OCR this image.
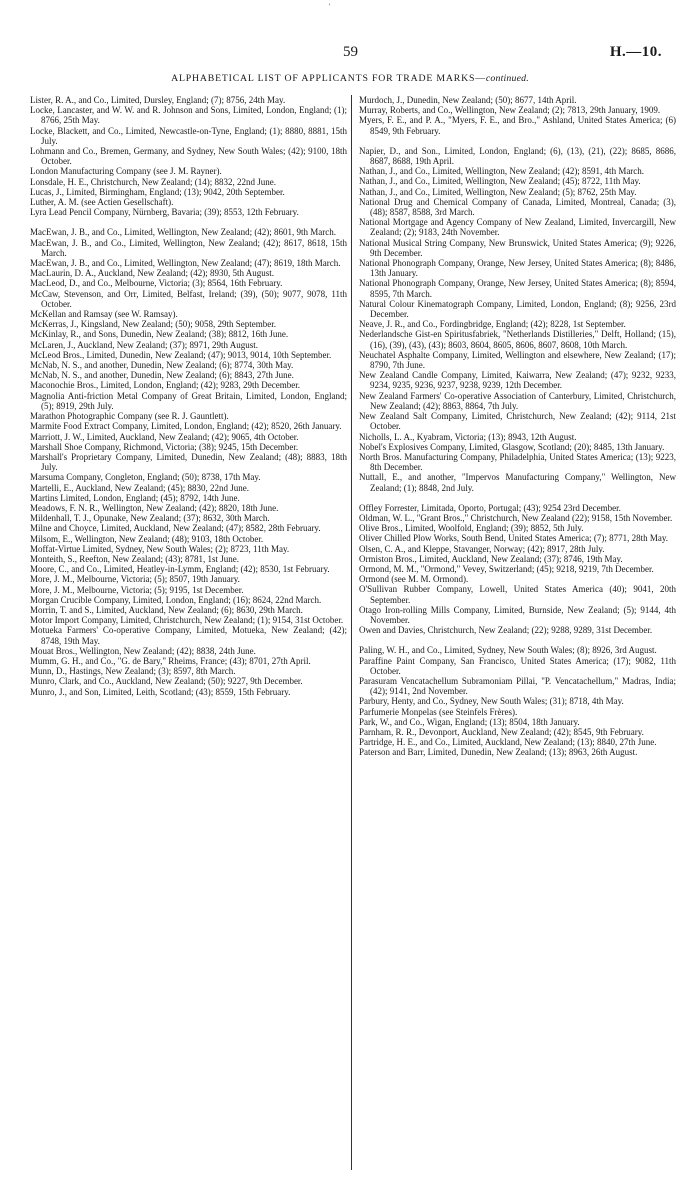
'
59	H.—10.
ALPHABETICAL LIST OF APPLICANTS FOR TRADE MARKS—continued.

Lister, R. A., and Co., Limited, Dursley, England; (7); 8756, 24th May.

Locke, Lancaster, and W. W. and R. Johnson and Sons, Limited, London, England; (1); 8766, 25th May.

Locke, Blackett, and Co., Limited, Newcastle-on-Tyne, England; (1); 8880, 8881, 15th July.

Lohmann and Co., Bremen, Germany, and Sydney, New South Wales; (42); 9100, 18th October.

London Manufacturing Company (see J. M. Rayner).

Lonsdale, H. E., Christchurch, New Zealand; (14); 8832, 22nd June.

Lucas, J., Limited, Birmingham, England; (13); 9042, 20th September.

Luther, A. M. (see Actien Gesellschaft).

Lyra Lead Pencil Company, Nürnberg, Bavaria; (39); 8553, 12th February.

MacEwan, J. B., and Co., Limited, Wellington, New Zealand; (42); 8601, 9th March.

MacEwan, J. B., and Co., Limited, Wellington, New Zealand; (42); 8617, 8618, 15th March.

MacEwan, J. B., and Co., Limited, Wellington, New Zealand; (47); 8619, 18th March.

MacLaurin, D. A., Auckland, New Zealand; (42); 8930, 5th August.

MacLeod, D., and Co., Melbourne, Victoria; (3); 8564, 16th February.

McCaw, Stevenson, and Orr, Limited, Belfast, Ireland; (39), (50); 9077, 9078, 11th October.

McKellan and Ramsay (see W. Ramsay).

McKerras, J., Kingsland, New Zealand; (50); 9058, 29th September.

McKinlay, R., and Sons, Dunedin, New Zealand; (38); 8812, 16th June.

McLaren, J., Auckland, New Zealand; (37); 8971, 29th August.

McLeod Bros., Limited, Dunedin, New Zealand; (47); 9013, 9014, 10th September.

McNab, N. S., and another, Dunedin, New Zealand; (6); 8774, 30th May.

McNab, N. S., and another, Dunedin, New Zealand; (6); 8843, 27th June.

Maconochie Bros., Limited, London, England; (42); 9283, 29th December.

Magnolia Anti-friction Metal Company of Great Britain, Limited, London, England; (5); 8919, 29th July.

Marathon Photographic Company (see R. J. Gauntlett).

Marmite Food Extract Company, Limited, London, England; (42); 8520, 26th January.

Marriott, J. W., Limited, Auckland, New Zealand; (42); 9065, 4th October.

Marshall Shoe Company, Richmond, Victoria; (38); 9245, 15th December.

Marshall's Proprietary Company, Limited, Dunedin, New Zealand; (48); 8883, 18th July.

Marsuma Company, Congleton, England; (50); 8738, 17th May.

Martelli, E., Auckland, New Zealand; (45); 8830, 22nd June.

Martins Limited, London, England; (45); 8792, 14th June.

Meadows, F. N. R., Wellington, New Zealand; (42); 8820, 18th June.

Mildenhall, T. J., Opunake, New Zealand; (37); 8632, 30th March.

Milne and Choyce, Limited, Auckland, New Zealand; (47); 8582, 28th February.

Milsom, E., Wellington, New Zealand; (48); 9103, 18th October.

Moffat-Virtue Limited, Sydney, New South Wales; (2); 8723, 11th May.

Monteith, S., Reefton, New Zealand; (43); 8781, 1st June.

Moore, C., and Co., Limited, Heatley-in-Lymm, England; (42); 8530, 1st February.

More, J. M., Melbourne, Victoria; (5); 8507, 19th January.

More, J. M., Melbourne, Victoria; (5); 9195, 1st December.

Morgan Crucible Company, Limited, London, England; (16); 8624, 22nd March.

Morrin, T. and S., Limited, Auckland, New Zealand; (6); 8630, 29th March.

Motor Import Company, Limited, Christchurch, New Zealand; (1); 9154, 31st October.

Motueka Farmers' Co-operative Company, Limited, Motueka, New Zealand; (42); 8748, 19th May.

Mouat Bros., Wellington, New Zealand; (42); 8838, 24th June.

Mumm, G. H., and Co., "G. de Bary," Rheims, France; (43); 8701, 27th April.

Munn, D., Hastings, New Zealand; (3); 8597, 8th March.

Munro, Clark, and Co., Auckland, New Zealand; (50); 9227, 9th December.

Munro, J., and Son, Limited, Leith, Scotland; (43); 8559, 15th February.

Murdoch, J., Dunedin, New Zealand; (50); 8677, 14th April.

Murray, Roberts, and Co., Wellington, New Zealand; (2); 7813, 29th January, 1909.

Myers, F. E., and P. A., "Myers, F. E., and Bro.," Ashland, United States America; (6) 8549, 9th February.

Napier, D., and Son., Limited, London, England; (6), (13), (21), (22); 8685, 8686, 8687, 8688, 19th April.

Nathan, J., and Co., Limited, Wellington, New Zealand; (42); 8591, 4th March.

Nathan, J., and Co., Limited, Wellington, New Zealand; (45); 8722, 11th May.

Nathan, J., and Co., Limited, Wellington, New Zealand; (5); 8762, 25th May.

National Drug and Chemical Company of Canada, Limited, Montreal, Canada; (3), (48); 8587, 8588, 3rd March.

National Mortgage and Agency Company of New Zealand, Limited, Invercargill, New Zealand; (2); 9183, 24th November.

National Musical String Company, New Brunswick, United States America; (9); 9226, 9th December.

National Phonograph Company, Orange, New Jersey, United States America; (8); 8486, 13th January.

National Phonograph Company, Orange, New Jersey, United States America; (8); 8594, 8595, 7th March.

Natural Colour Kinematograph Company, Limited, London, England; (8); 9256, 23rd December.

Neave, J. R., and Co., Fordingbridge, England; (42); 8228, 1st September.

Nederlandsche Gist-en Spiritusfabriek, "Netherlands Distilleries," Delft, Holland; (15), (16), (39), (43), (43); 8603, 8604, 8605, 8606, 8607, 8608, 10th March.

Neuchatel Asphalte Company, Limited, Wellington and elsewhere, New Zealand; (17); 8790, 7th June.

New Zealand Candle Company, Limited, Kaiwarra, New Zealand; (47); 9232, 9233, 9234, 9235, 9236, 9237, 9238, 9239, 12th December.

New Zealand Farmers' Co-operative Association of Canterbury, Limited, Christchurch, New Zealand; (42); 8863, 8864, 7th July.

New Zealand Salt Company, Limited, Christchurch, New Zealand; (42); 9114, 21st October.

Nicholls, L. A., Kyabram, Victoria; (13); 8943, 12th August.

Nobel's Explosives Company, Limited, Glasgow, Scotland; (20); 8485, 13th January.

North Bros. Manufacturing Company, Philadelphia, United States America; (13); 9223, 8th December.

Nuttall, E., and another, "Impervos Manufacturing Company," Wellington, New Zealand; (1); 8848, 2nd July.

Offley Forrester, Limitada, Oporto, Portugal; (43); 9254 23rd December.

Oldman, W. L., "Grant Bros.," Christchurch, New Zealand (22); 9158, 15th November.

Olive Bros., Limited, Woolfold, England; (39); 8852, 5th July.

Oliver Chilled Plow Works, South Bend, United States America; (7); 8771, 28th May.

Olsen, C. A., and Kleppe, Stavanger, Norway; (42); 8917, 28th July.

Ormiston Bros., Limited, Auckland, New Zealand; (37); 8746, 19th May.

Ormond, M. M., "Ormond," Vevey, Switzerland; (45); 9218, 9219, 7th December.

Ormond (see M. M. Ormond).

O'Sullivan Rubber Company, Lowell, United States America (40); 9041, 20th September.

Otago Iron-rolling Mills Company, Limited, Burnside, New Zealand; (5); 9144, 4th November.

Owen and Davies, Christchurch, New Zealand; (22); 9288, 9289, 31st December.

Paling, W. H., and Co., Limited, Sydney, New South Wales; (8); 8926, 3rd August.

Paraffine Paint Company, San Francisco, United States America; (17); 9082, 11th October.

Parasuram Vencatachellum Subramoniam Pillai, "P. Vencatachellum," Madras, India; (42); 9141, 2nd November.

Parbury, Henty, and Co., Sydney, New South Wales; (31); 8718, 4th May.

Parfumerie Monpelas (see Steinfels Frères).

Park, W., and Co., Wigan, England; (13); 8504, 18th January.

Parnham, R. R., Devonport, Auckland, New Zealand; (42); 8545, 9th February.

Partridge, H. E., and Co., Limited, Auckland, New Zealand; (13); 8840, 27th June.

Paterson and Barr, Limited, Dunedin, New Zealand; (13); 8963, 26th August.
